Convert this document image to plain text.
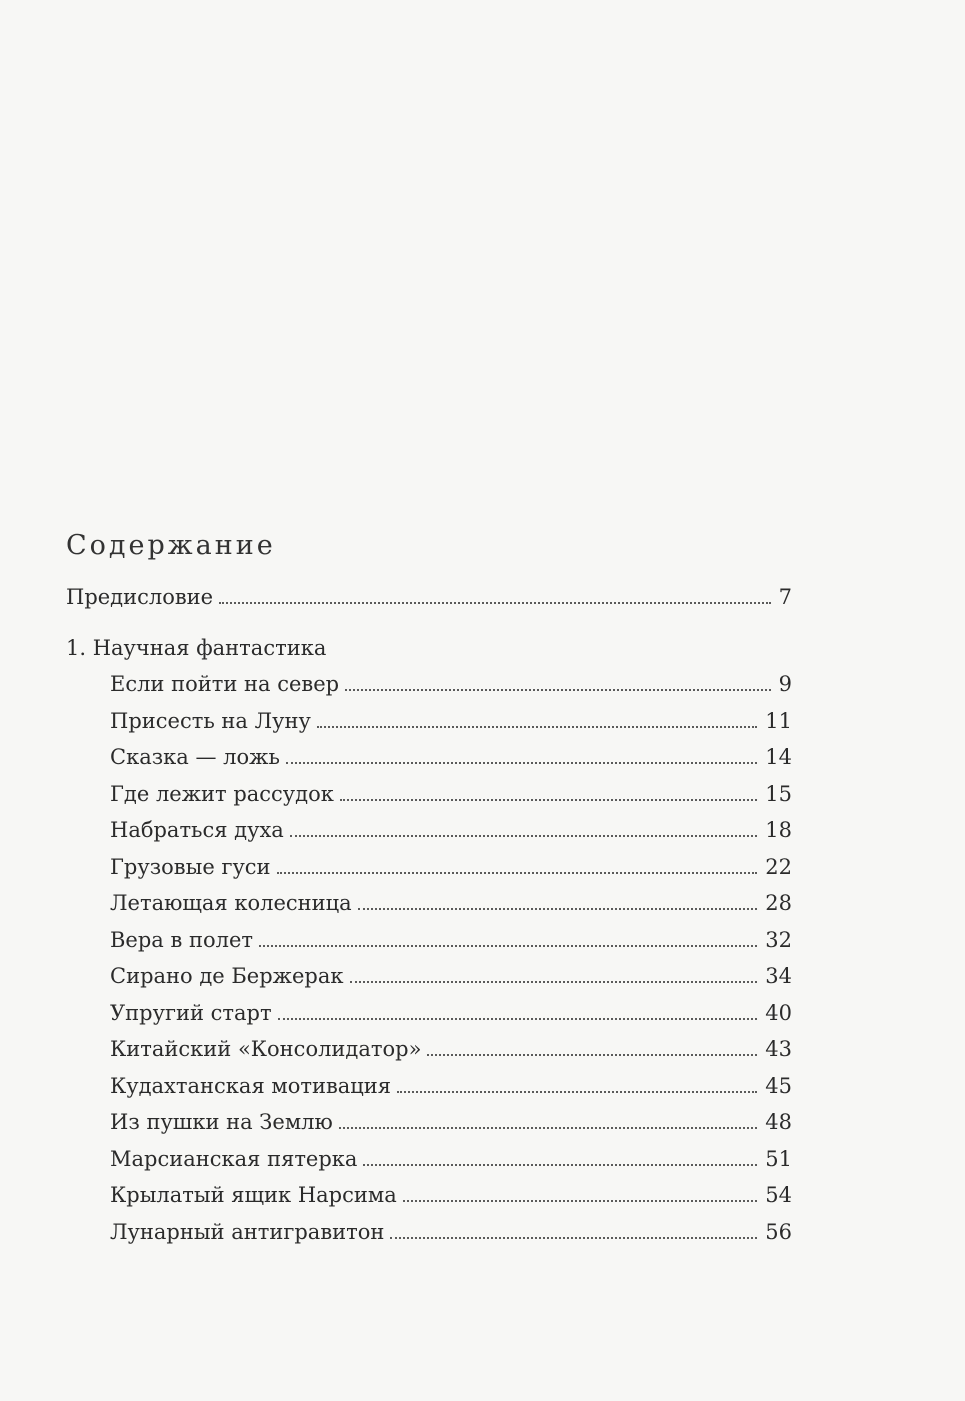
Содержание
Предисловие	7
1. Научная фантастика
Если пойти на север	9
Присесть на Луну	11
Сказка — ложь	14
Где лежит рассудок	15
Набраться духа	18
Грузовые гуси	22
Летающая колесница	28
Вера в полет	32
Сирано де Бержерак	34
Упругий старт	40
Китайский «Консолидатор»	43
Кудахтанская мотивация	45
Из пушки на Землю	48
Марсианская пятерка	51
Крылатый ящик Нарсима	54
Лунарный антигравитон	56
